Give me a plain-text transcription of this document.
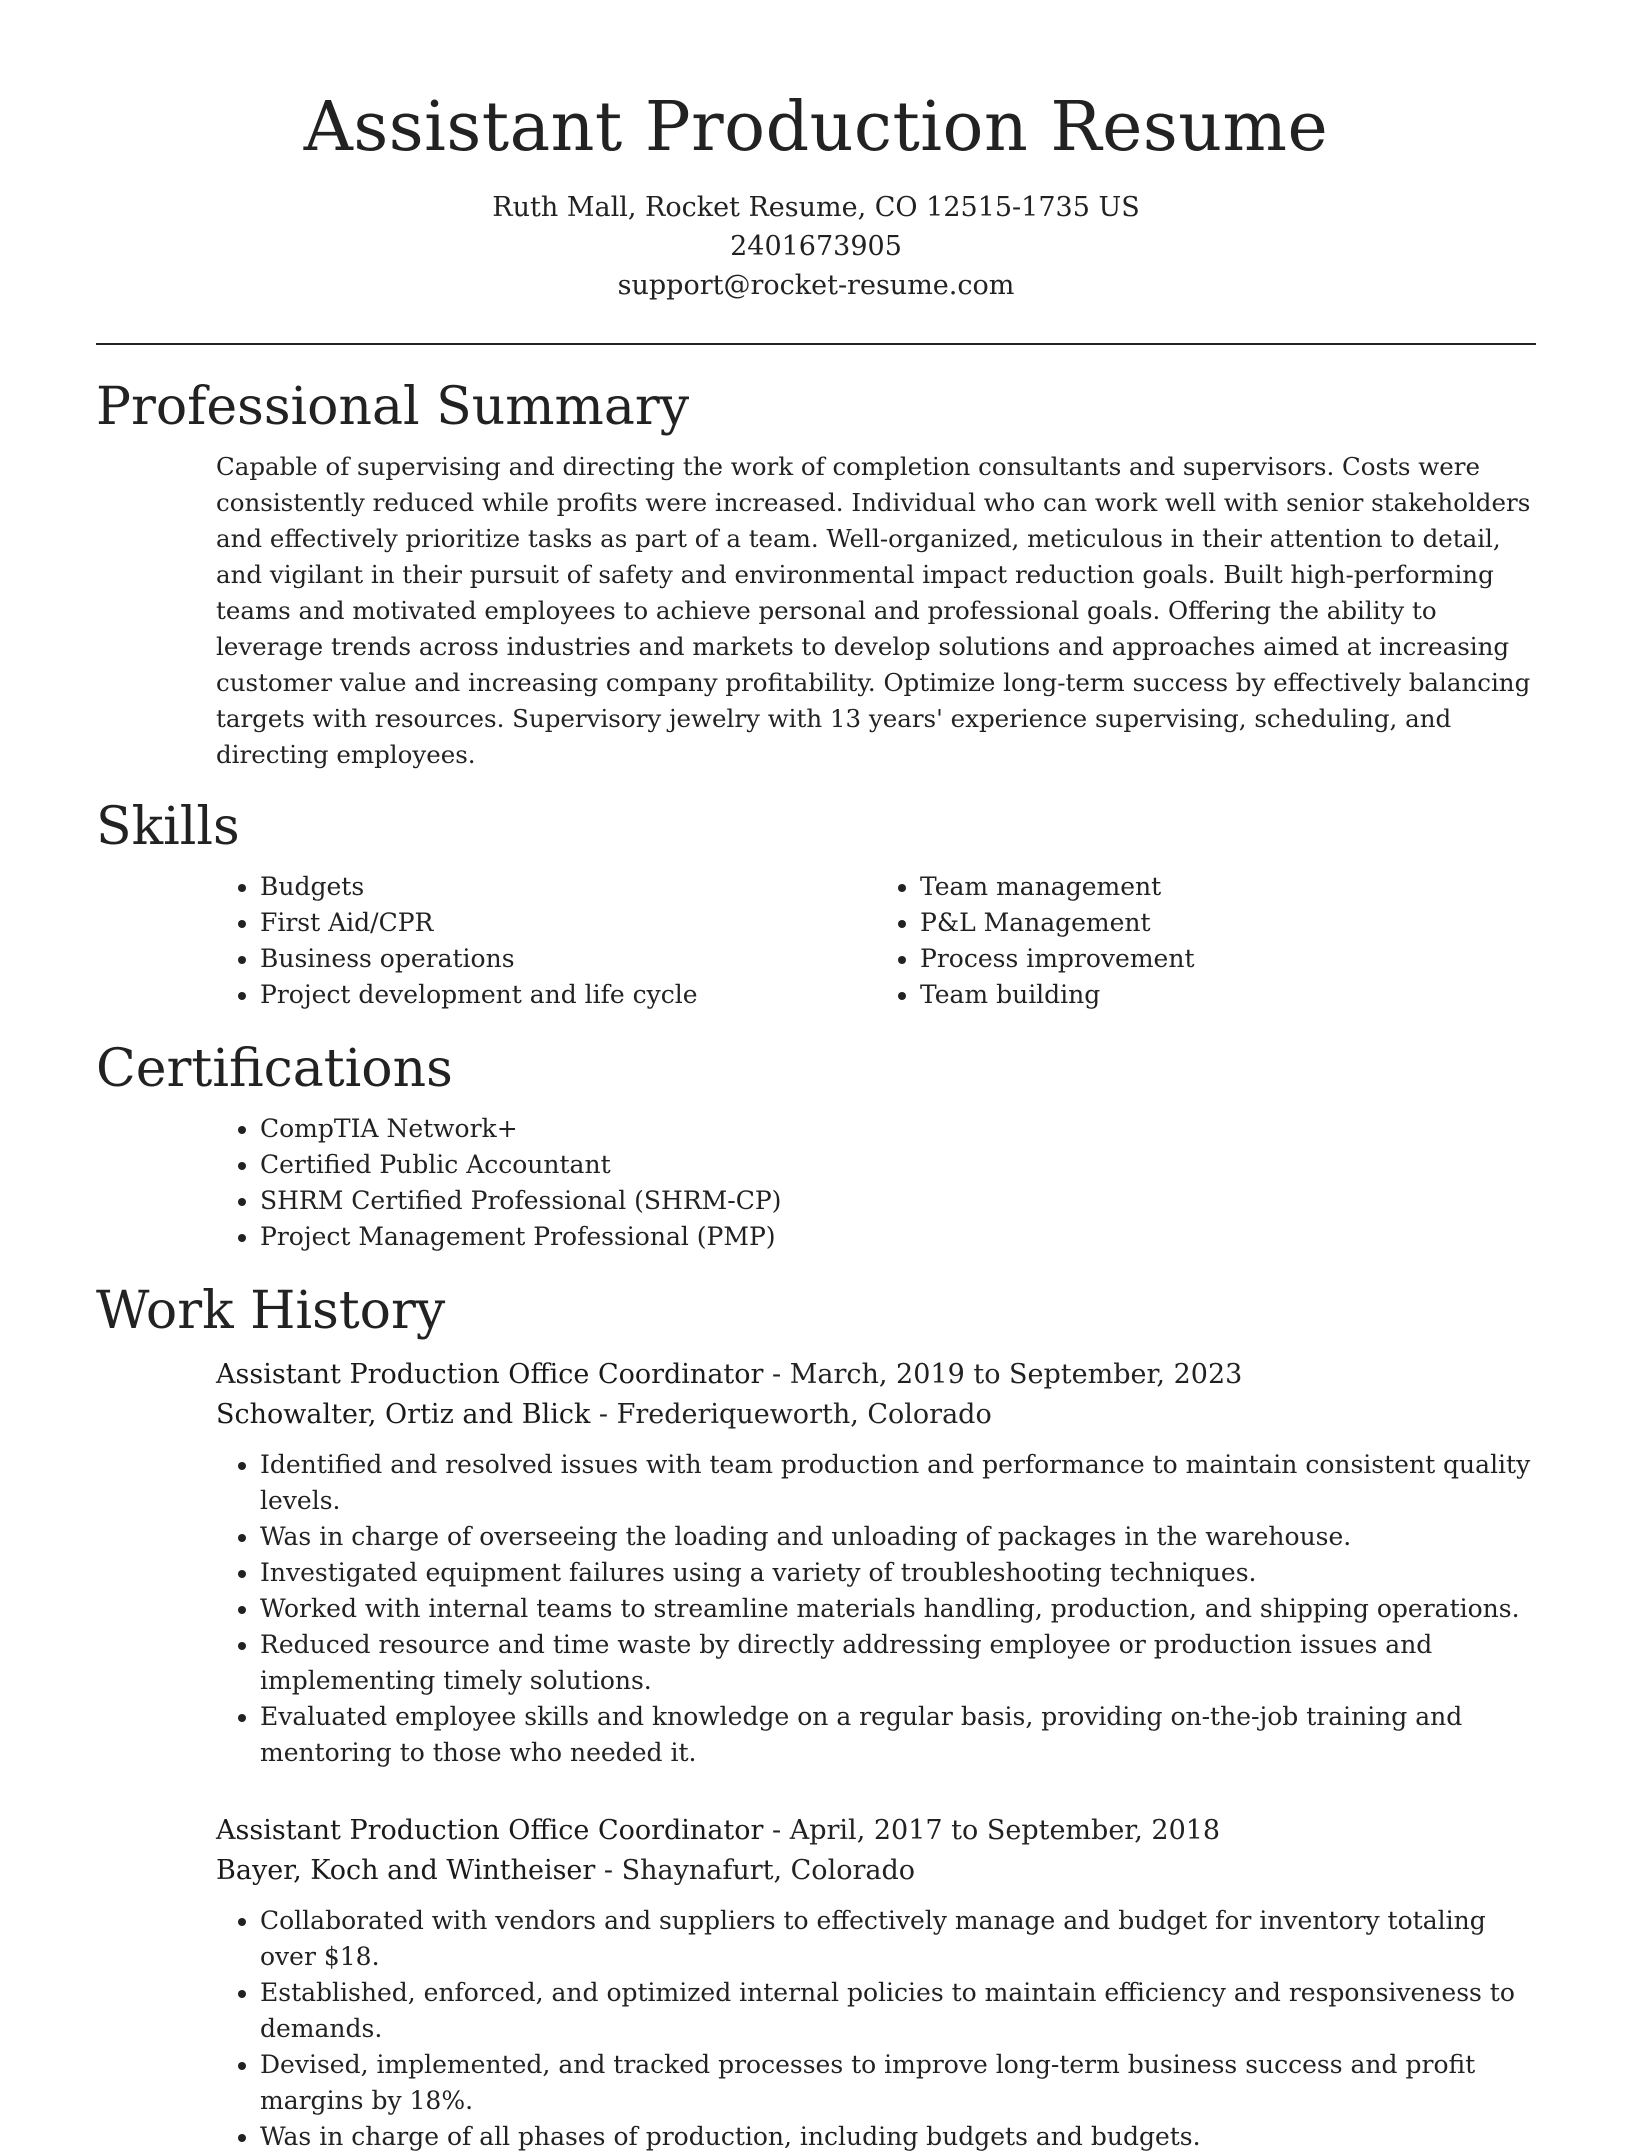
Assistant Production Resume

Ruth Mall, Rocket Resume, CO 12515-1735 US

2401673905

support@rocket-resume.com

Professional Summary

Capable of supervising and directing the work of completion consultants and supervisors. Costs were consistently reduced while profits were increased. Individual who can work well with senior stakeholders and effectively prioritize tasks as part of a team. Well-organized, meticulous in their attention to detail, and vigilant in their pursuit of safety and environmental impact reduction goals. Built high-performing teams and motivated employees to achieve personal and professional goals. Offering the ability to leverage trends across industries and markets to develop solutions and approaches aimed at increasing customer value and increasing company profitability. Optimize long-term success by effectively balancing targets with resources. Supervisory jewelry with 13 years' experience supervising, scheduling, and directing employees.

Skills
• Budgets
• First Aid/CPR
• Business operations
• Project development and life cycle
• Team management
• P&L Management
• Process improvement
• Team building
Certifications
• CompTIA Network+
• Certified Public Accountant
• SHRM Certified Professional (SHRM-CP)
• Project Management Professional (PMP)
Work History

Assistant Production Office Coordinator - March, 2019 to September, 2023

Schowalter, Ortiz and Blick - Frederiqueworth, Colorado

• Identified and resolved issues with team production and performance to maintain consistent quality levels.
• Was in charge of overseeing the loading and unloading of packages in the warehouse.
• Investigated equipment failures using a variety of troubleshooting techniques.
• Worked with internal teams to streamline materials handling, production, and shipping operations.
• Reduced resource and time waste by directly addressing employee or production issues and implementing timely solutions.
• Evaluated employee skills and knowledge on a regular basis, providing on-the-job training and mentoring to those who needed it.

Assistant Production Office Coordinator - April, 2017 to September, 2018

Bayer, Koch and Wintheiser - Shaynafurt, Colorado

• Collaborated with vendors and suppliers to effectively manage and budget for inventory totaling over $18.
• Established, enforced, and optimized internal policies to maintain efficiency and responsiveness to demands.
• Devised, implemented, and tracked processes to improve long-term business success and profit margins by 18%.
• Was in charge of all phases of production, including budgets and budgets.
